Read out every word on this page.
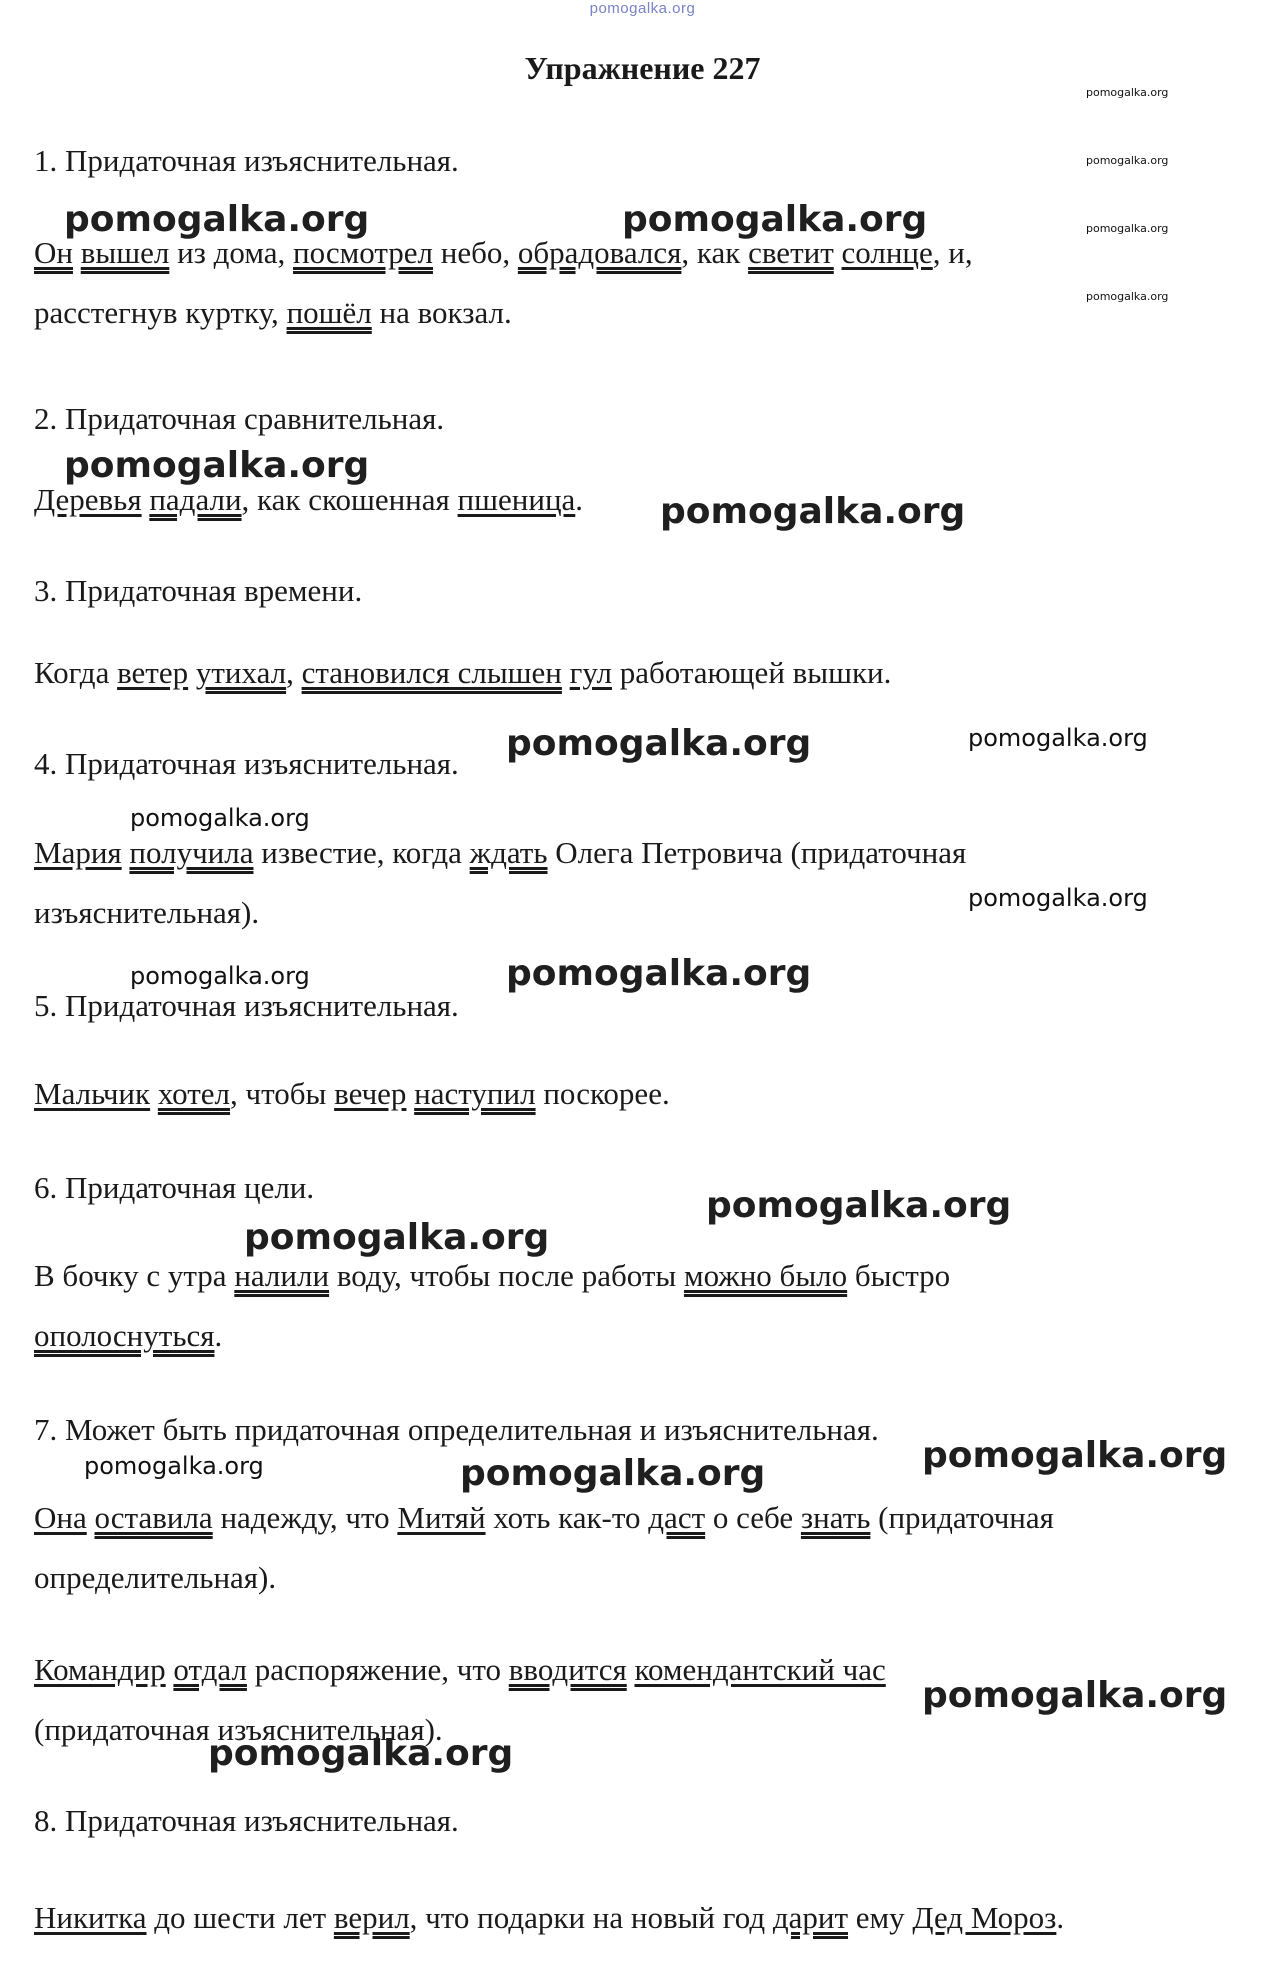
pomogalka.org
Упражнение 227
1. Придаточная изъяснительная.
2. Придаточная сравнительная.
3. Придаточная времени.
4. Придаточная изъяснительная.
5. Придаточная изъяснительная.
6. Придаточная цели.
7. Может быть придаточная определительная и изъяснительная.
8. Придаточная изъяснительная.
Он вышел из дома, посмотрел небо, обрадовался, как светит солнце, и,
расстегнув куртку, пошёл на вокзал.
Деревья падали, как скошенная пшеница.
Когда ветер утихал, становился слышен гул работающей вышки.
Мария получила известие, когда ждать Олега Петровича (придаточная
изъяснительная).
Мальчик хотел, чтобы вечер наступил поскорее.
В бочку с утра налили воду, чтобы после работы можно было быстро
ополоснуться.
Она оставила надежду, что Митяй хоть как-то даст о себе знать (придаточная
определительная).
Командир отдал распоряжение, что вводится комендантский час
(придаточная изъяснительная).
Никитка до шести лет верил, что подарки на новый год дарит ему Дед Мороз.
pomogalka.org
pomogalka.org
pomogalka.org
pomogalka.org
pomogalka.org	pomogalka.org
pomogalka.org
pomogalka.org
pomogalka.org	pomogalka.org
pomogalka.org
pomogalka.org
pomogalka.org	pomogalka.org
pomogalka.org
pomogalka.org
pomogalka.org	pomogalka.org
pomogalka.org
pomogalka.org
pomogalka.org
